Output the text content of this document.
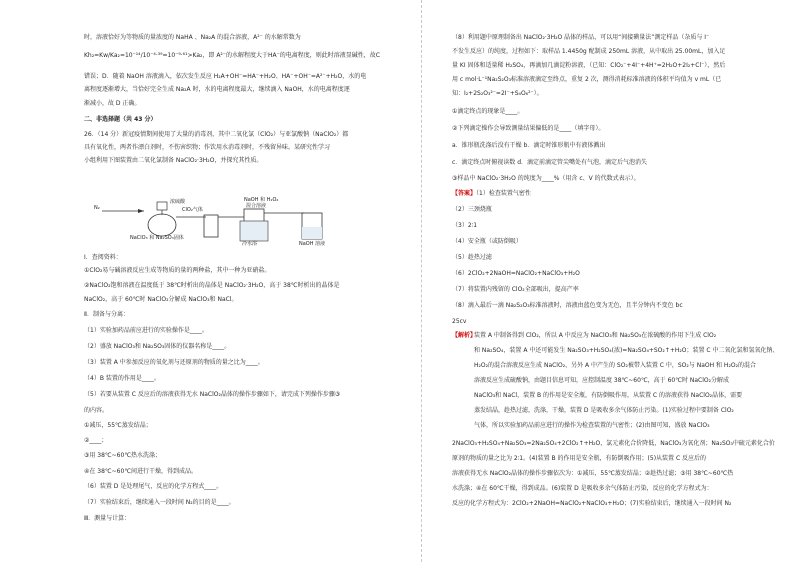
N₂
浓硫酸
ClO₂气体
NaOH 和 H₂O₂
混合溶液
NaClO₃ 和 Na₂SO₃固体
冷水浴	NaOH 溶液
时，溶液恰好为等物质的量浓度的 NaHA 、Na₂A 的混合溶液，A²⁻ 的水解常数为
Kh₂=Kw/Ka₂=10⁻¹⁴/10⁻⁴·³⁹=10⁻⁹·⁶¹>Ka₂，即 A²⁻的水解程度大于HA⁻的电离程度，则此时溶液显碱性，故C
错误；D．随着 NaOH 溶液滴入，依次发生反应 H₂A+OH⁻=HA⁻+H₂O、HA⁻+OH⁻=A²⁻+H₂O，水的电
离程度逐渐增大，当恰好完全生成 Na₂A 时，水的电离程度最大，继续滴入 NaOH，水的电离程度逐
渐减小，故 D 正确。
二、非选择题（共 43 分）
26．（14 分）新冠疫情期间使用了大量的消毒剂，其中二氧化氯（ClO₂）与亚氯酸钠（NaClO₂）都
具有氧化性，两者作漂白剂时，不伤害织物；作饮用水消毒剂时，不残留异味。某研究性学习
小组利用下图装置由二氧化氯制备 NaClO₂·3H₂O，并探究其性质。
Ⅰ．查阅资料：
①ClO₂易与碱溶液反应生成等物质的量的两种盐，其中一种为亚硝盐。
②NaClO₂饱和溶液在温度低于 38℃时析出的晶体是 NaClO₂·3H₂O，高于 38℃时析出的晶体是
NaClO₂，高于 60℃时 NaClO₂分解成 NaClO₃和 NaCl。
Ⅱ．制备与分离：
（1）实验加药品前应进行的实验操作是____。
（2）盛放 NaClO₃和 Na₂SO₃固体的仪器名称是____。
（3）装置 A 中参加反应的氧化剂与还原剂的物质的量之比为____。
（4）B 装置的作用是____。
（5）若要从装置 C 反应后的溶液获得无水 NaClO₂晶体的操作步骤如下，请完成下列操作步骤③
的内容。
①减压，55℃蒸发结晶；
②____；
③用 38℃~60℃热水洗涤；
④在 38℃~60℃间进行干燥，得到成品。
（6）装置 D 是处理尾气，反应的化学方程式____。
（7）实验结束后，继续通入一段时间 N₂的目的是____。
Ⅲ．测量与计算：
【答案】（1）检查装置气密性
【解析】
（8）利用题中原理制备出 NaClO₂·3H₂O 晶体的样品，可以用“间接碘量法”测定样品（杂质与 I⁻
不发生反应）的纯度，过程如下：取样品 1.4450g 配制成 250mL 溶液，从中取出 25.00mL，加入足
量 KI 固体和适量稀 H₂SO₄，再滴加几滴淀粉溶液，（已知：ClO₂⁻+4I⁻+4H⁺=2H₂O+2I₂+Cl⁻），然后
用 c mol·L⁻¹Na₂S₂O₃标准溶液滴定至终点，重复 2 次，测得消耗标准溶液的体积平均值为 v mL（已
知：I₂+2S₂O₃²⁻=2I⁻+S₄O₆²⁻）。
①滴定终点的现象是____。
②下列滴定操作会导致测量结果偏低的是____（填字母）。
a．锥形瓶洗涤后没有干燥 b．滴定时锥形瓶中有液体溅出
c．滴定终点时俯视读数 d．滴定前滴定管尖嘴处有气泡，滴定后气泡消失
③样品中 NaClO₂·3H₂O 的纯度为____%（用含 c、V 的代数式表示）。
（2）三颈烧瓶
（3）2∶1
（4）安全瓶（或防倒吸）
（5）趁热过滤
（6）2ClO₂+2NaOH=NaClO₂+NaClO₃+H₂O
（7）将装置内残留的 ClO₂全部吸出，提高产率
（8）滴入最后一滴 Na₂S₂O₃标准溶液时，溶液由蓝色变为无色，且半分钟内不变色 bc
25cv
2NaClO₃+H₂SO₄+Na₂SO₃=2Na₂SO₄+2ClO₂↑+H₂O，氯元素化合价降低，NaClO₃为氧化剂；Na₂SO₃中硫元素化合价
原剂的物质的量之比为 2∶1。(4)装置 B 的作用是安全瓶，有防倒吸作用；(5)从装置 C 反应后的
溶液获得无水 NaClO₂晶体的操作步骤依次为：①减压，55℃蒸发结晶；②趁热过滤；③用 38℃~60℃热
水洗涤；④在 60℃干燥，得到成品。(6)装置 D 是吸收多余气体防止污染，反应的化学方程式为：
反应的化学方程式为：2ClO₂+2NaOH=NaClO₂+NaClO₃+H₂O；(7)实验结束后，继续通入一段时间 N₂
装置 A 中制备得到 ClO₂，所以 A 中反应为 NaClO₃和 Na₂SO₃在浓硫酸的作用下生成 ClO₂
和 Na₂SO₄，装置 A 中还可能发生 Na₂SO₃+H₂SO₄(浓)=Na₂SO₄+SO₂↑+H₂O；装置 C 中二氧化氯和氢氧化钠、
H₂O₂的混合溶液反应生成 NaClO₂，另外 A 中产生的 SO₂被带入装置 C 中，SO₂与 NaOH 和 H₂O₂的混合
溶液反应生成硫酸钠，由题目信息可知，应控制温度 38℃~60℃，高于 60℃时 NaClO₂分解成
NaClO₃和 NaCl，装置 B 的作用是安全瓶，有防倒吸作用，从装置 C 的溶液获得 NaClO₂晶体，需要
蒸发结晶，趁热过滤，洗涤，干燥，装置 D 是吸收多余气体防止污染。(1)实验过程中要制备 ClO₂
气体，所以实验加药品前应进行的操作为检查装置的气密性；(2)由图可知，盛放 NaClO₃
